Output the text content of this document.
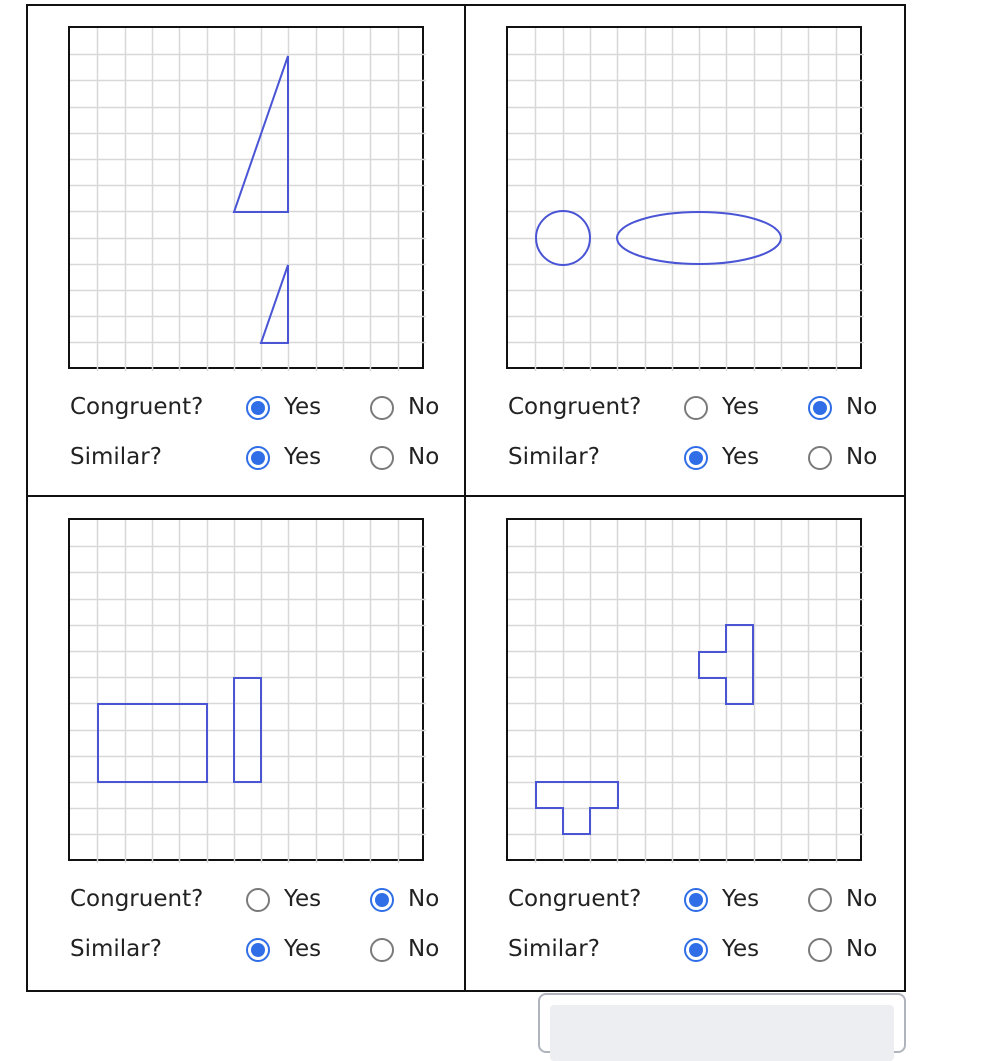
Congruent?	Yes	No
Similar?	Yes	No
Congruent?	Yes	No
Similar?	Yes	No
Congruent?	Yes	No
Similar?	Yes	No
Congruent?	Yes	No
Similar?	Yes	No
